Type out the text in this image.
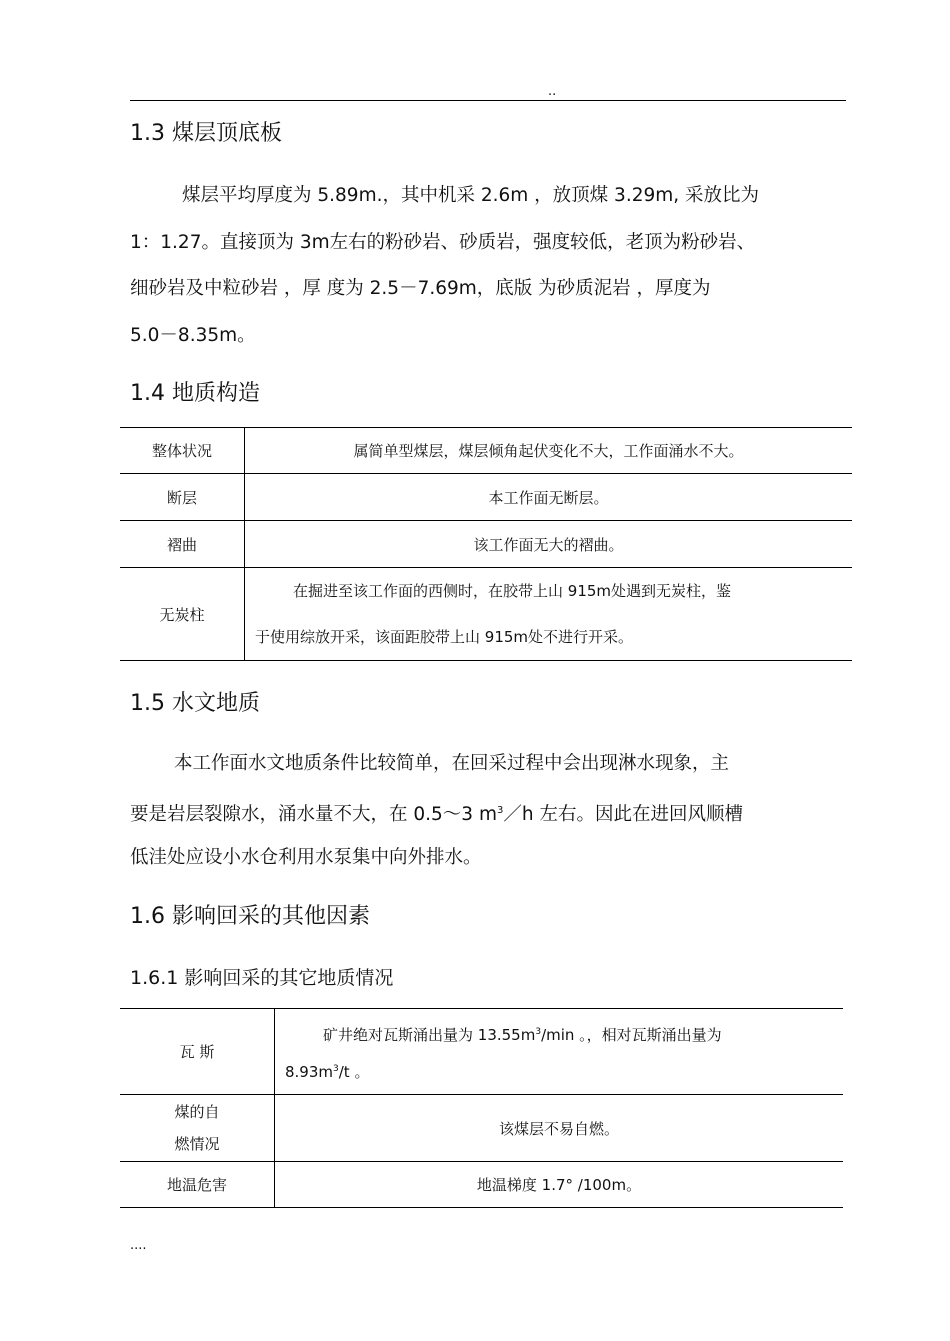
..
1.3 煤层顶底板
煤层平均厚度为 5.89m.，其中机采 2.6m ，放顶煤 3.29m, 采放比为
1：1.27。直接顶为 3m左右的粉砂岩、砂质岩，强度较低，老顶为粉砂岩、
细砂岩及中粒砂岩 ，厚 度为 2.5－7.69m，底版 为砂质泥岩 ，厚度为
5.0－8.35m。
1.4 地质构造
整体状况	属简单型煤层，煤层倾角起伏变化不大，工作面涌水不大。
断层	本工作面无断层。
褶曲	该工作面无大的褶曲。
无炭柱	在掘进至该工作面的西侧时，在胶带上山 915m处遇到无炭柱，鉴
于使用综放开采，该面距胶带上山 915m处不进行开采。
1.5 水文地质
本工作面水文地质条件比较简单，在回采过程中会出现淋水现象，主
要是岩层裂隙水，涌水量不大，在 0.5～3 $m^3/h$ 左右。因此在进回风顺槽
低洼处应设小水仓利用水泵集中向外排水。
1.6 影响回采的其他因素
1.6.1 影响回采的其它地质情况
瓦 斯	矿井绝对瓦斯涌出量为 $13.55m^3/\min$ 。，相对瓦斯涌出量为
$8.93m^3/t$ 。

煤的自
燃情况	该煤层不易自燃。
地温危害	地温梯度 1.7° /100m。
....
